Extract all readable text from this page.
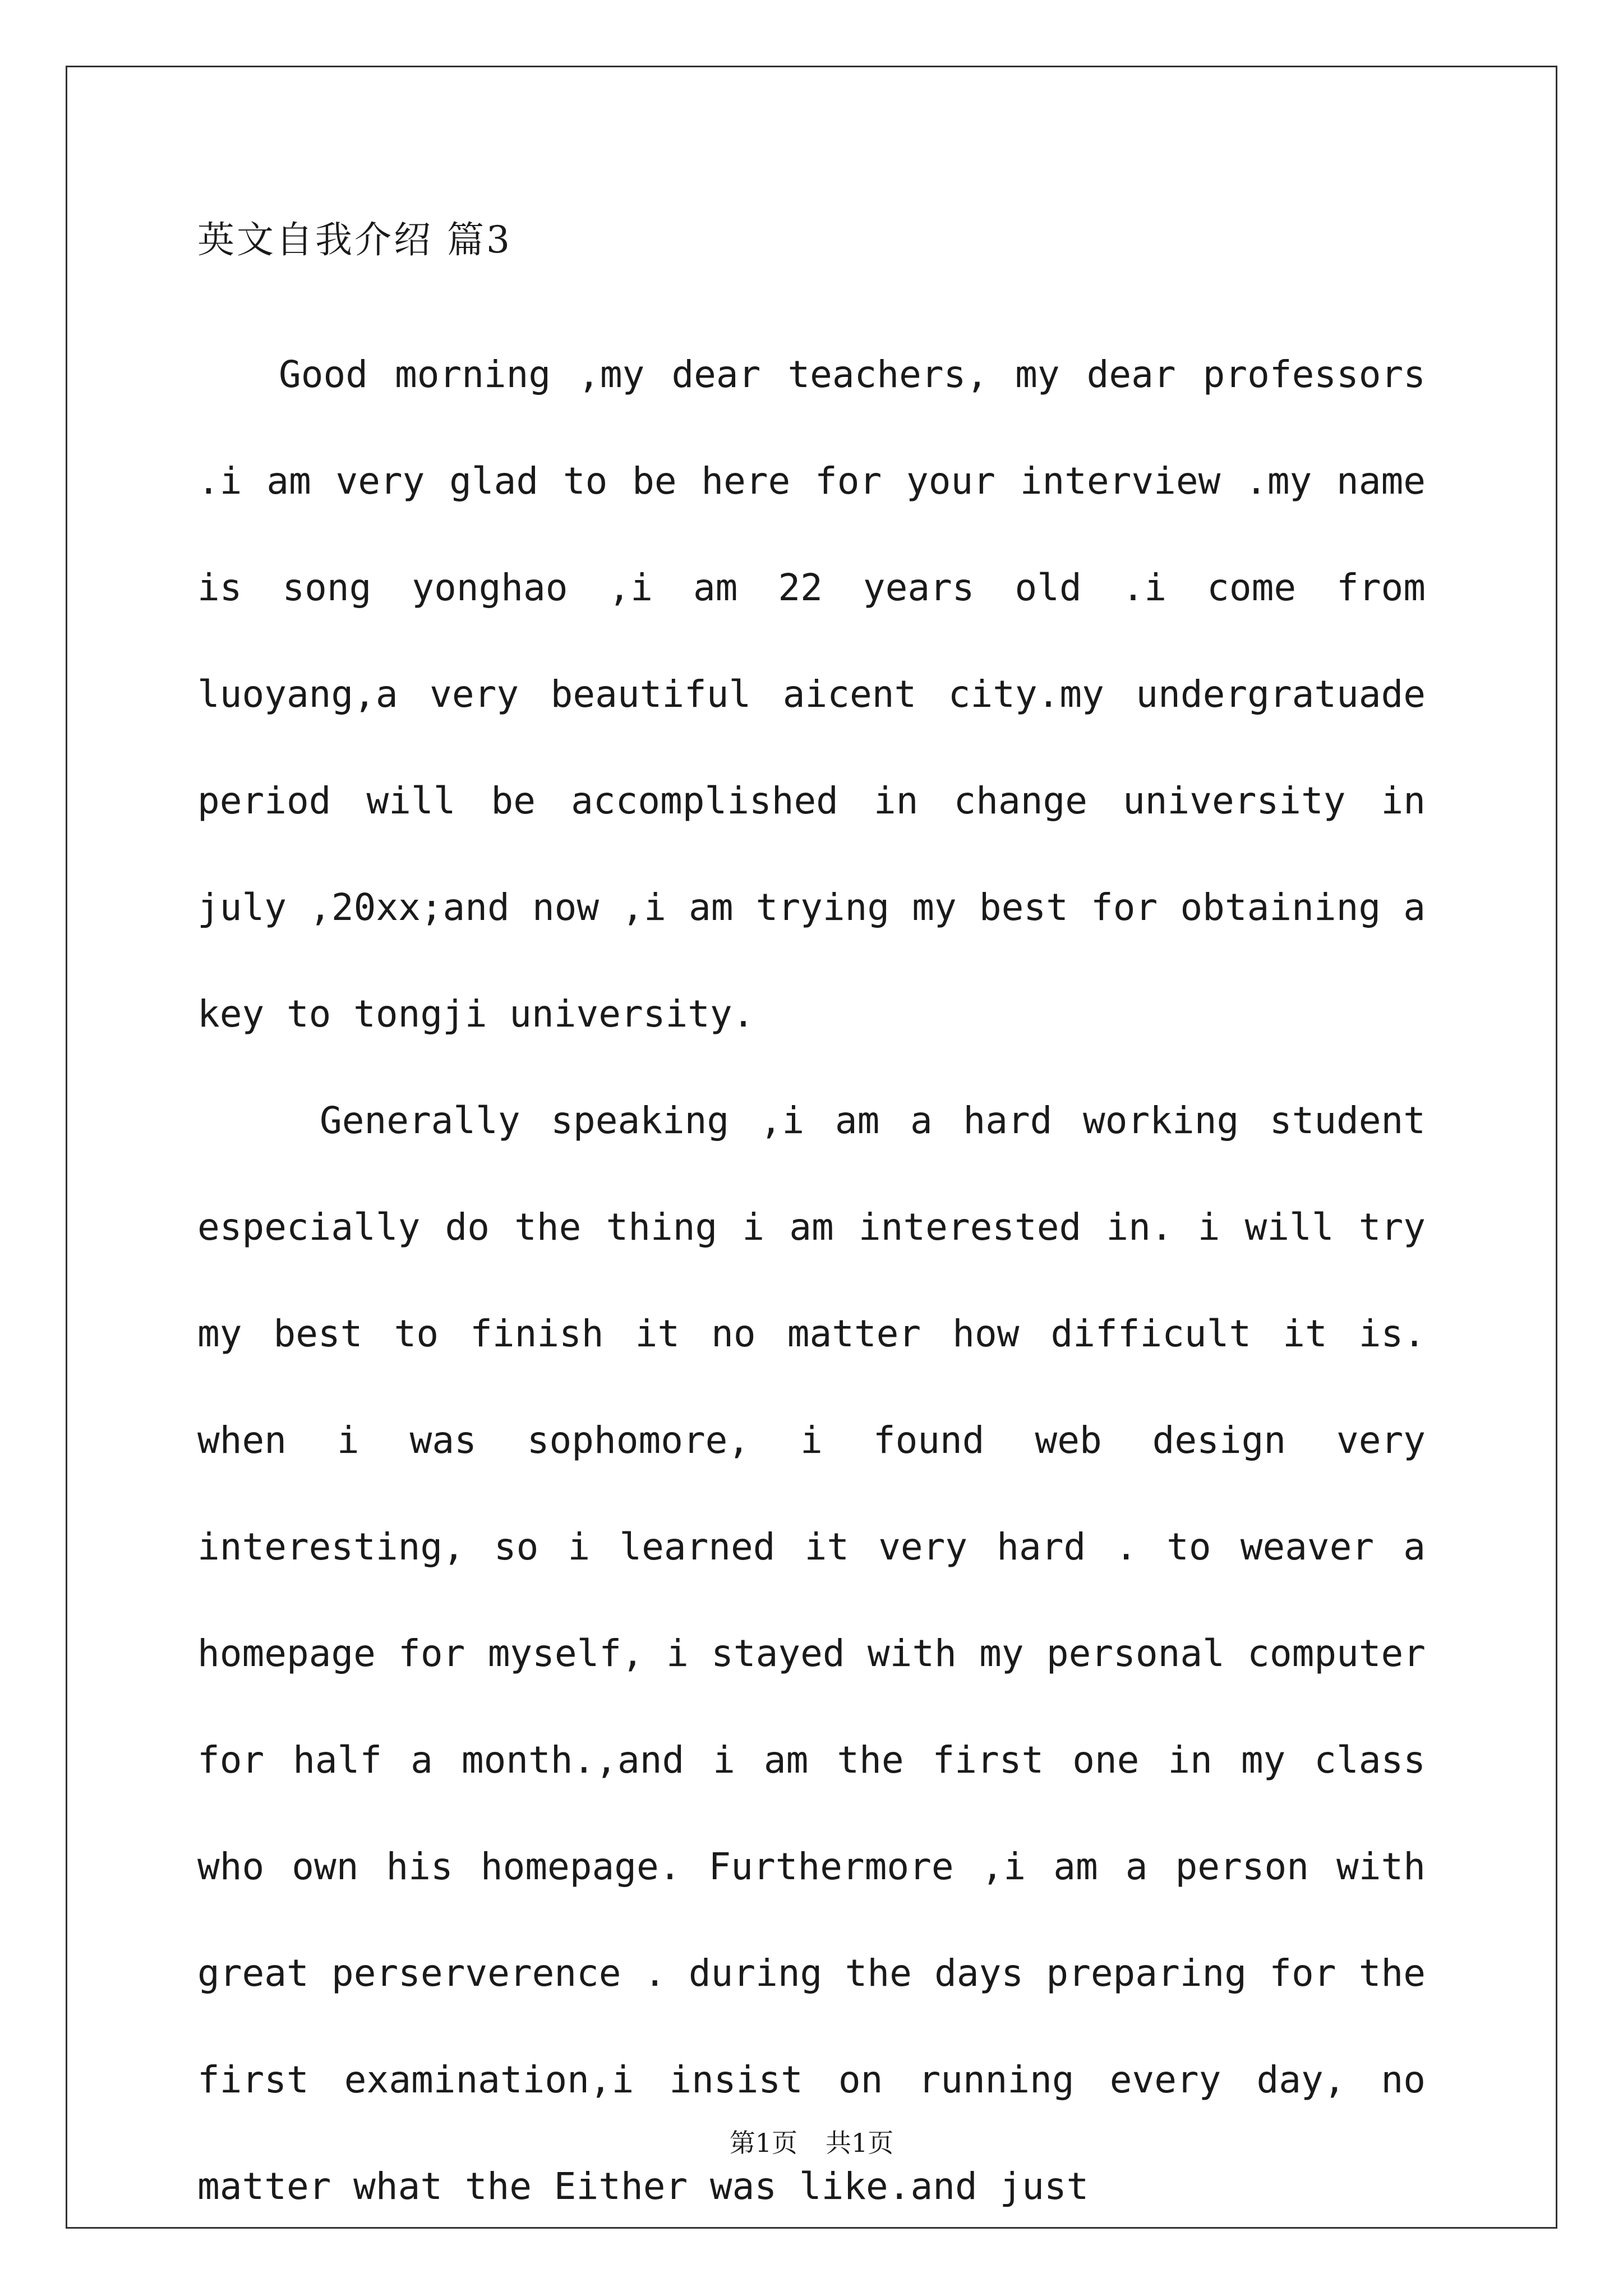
英文自我介绍 篇3

Good morning ,my dear teachers, my dear professors .i am very glad to be here for your interview .my name is song yonghao ,i am 22 years old .i come from luoyang,a very beautiful aicent city.my undergratuade period will be accomplished in change university in july ,20xx;and now ,i am trying my best for obtaining a key to tongji university.

Generally speaking ,i am a hard working student especially do the thing i am interested in. i will try my best to finish it no matter how difficult it is. when i was sophomore, i found web design very interesting, so i learned it very hard . to weaver a homepage for myself, i stayed with my personal computer for half a month.,and i am the first one in my class who own his homepage. Furthermore ,i am a person with great perserverence . during the days preparing for the first examination,i insist on running every day, no matter what the Either was like.and just

第1页 共1页
